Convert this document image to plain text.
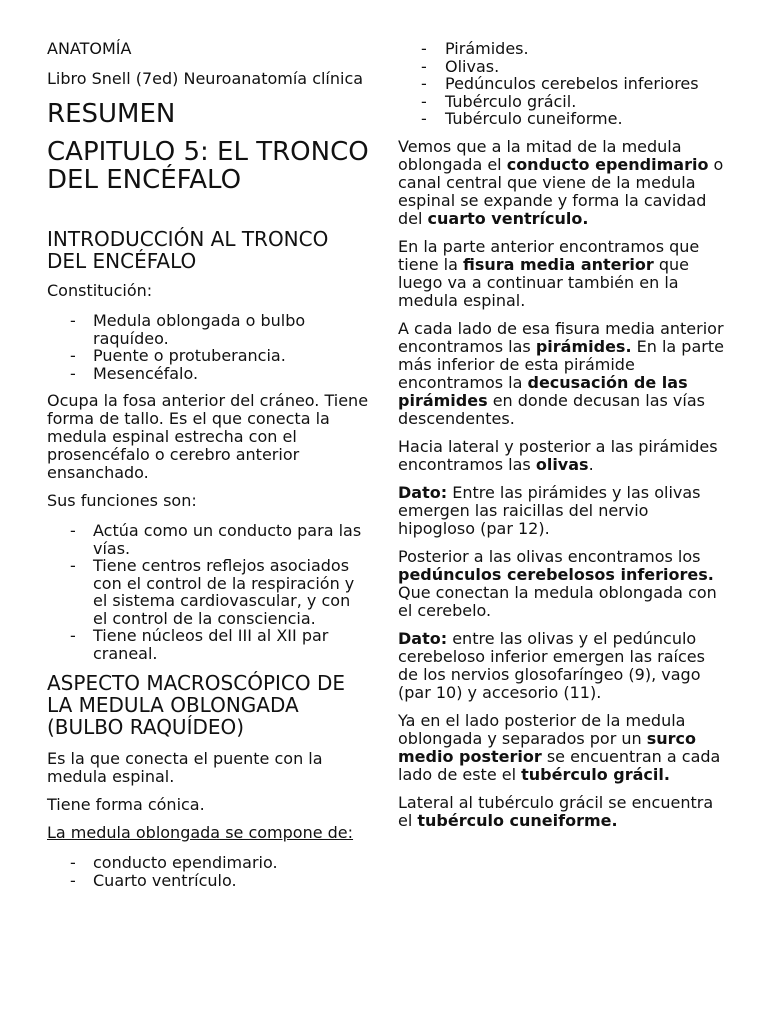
ANATOMÍA

Libro Snell (7ed) Neuroanatomía clínica

RESUMEN
CAPITULO 5: EL TRONCO DEL ENCÉFALO
INTRODUCCIÓN AL TRONCO DEL ENCÉFALO

Constitución:

- Medula oblongada o bulbo raquídeo.
- Puente o protuberancia.
- Mesencéfalo.

Ocupa la fosa anterior del cráneo. Tiene forma de tallo. Es el que conecta la medula espinal estrecha con el prosencéfalo o cerebro anterior ensanchado.

Sus funciones son:

- Actúa como un conducto para las vías.
- Tiene centros reflejos asociados con el control de la respiración y el sistema cardiovascular, y con el control de la consciencia.
- Tiene núcleos del III al XII par craneal.
ASPECTO MACROSCÓPICO DE LA MEDULA OBLONGADA (BULBO RAQUÍDEO)

Es la que conecta el puente con la medula espinal.

Tiene forma cónica.

La medula oblongada se compone de:

- conducto ependimario.
- Cuarto ventrículo.
- Pirámides.
- Olivas.
- Pedúnculos cerebelos inferiores
- Tubérculo grácil.
- Tubérculo cuneiforme.

Vemos que a la mitad de la medula oblongada el conducto ependimario o canal central que viene de la medula espinal se expande y forma la cavidad del cuarto ventrículo.

En la parte anterior encontramos que tiene la fisura media anterior que luego va a continuar también en la medula espinal.

A cada lado de esa fisura media anterior encontramos las pirámides. En la parte más inferior de esta pirámide encontramos la decusación de las pirámides en donde decusan las vías descendentes.

Hacia lateral y posterior a las pirámides encontramos las olivas.

Dato: Entre las pirámides y las olivas emergen las raicillas del nervio hipogloso (par 12).

Posterior a las olivas encontramos los pedúnculos cerebelosos inferiores. Que conectan la medula oblongada con el cerebelo.

Dato: entre las olivas y el pedúnculo cerebeloso inferior emergen las raíces de los nervios glosofaríngeo (9), vago (par 10) y accesorio (11).

Ya en el lado posterior de la medula oblongada y separados por un surco medio posterior se encuentran a cada lado de este el tubérculo grácil.

Lateral al tubérculo grácil se encuentra el tubérculo cuneiforme.
